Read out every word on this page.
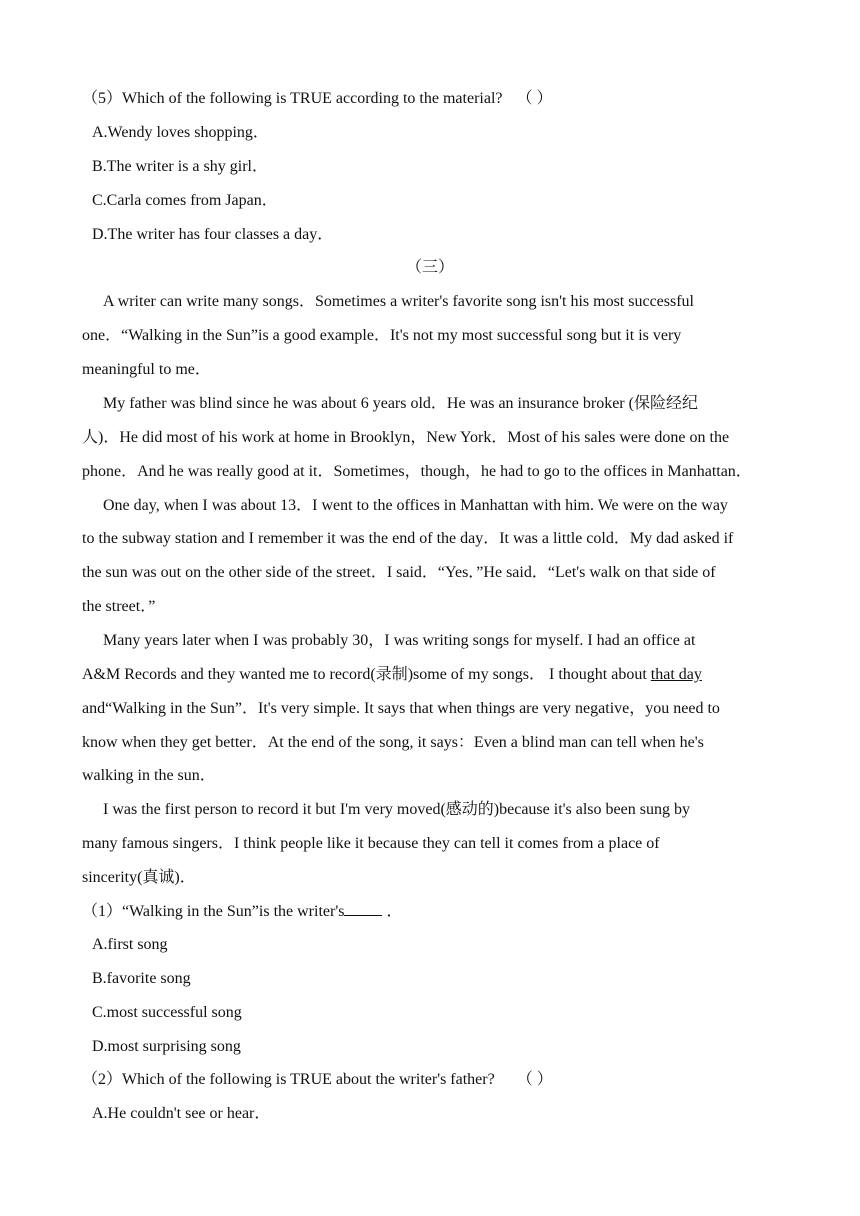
（5）Which of the following is TRUE according to the material? （ ）
A.Wendy loves shopping．
B.The writer is a shy girl．
C.Carla comes from Japan．
D.The writer has four classes a day．
（三）
A writer can write many songs．Sometimes a writer's favorite song isn't his most successful
one．“Walking in the Sun”is a good example．It's not my most successful song but it is very
meaningful to me．
My father was blind since he was about 6 years old．He was an insurance broker (保险经纪
人)．He did most of his work at home in Brooklyn，New York．Most of his sales were done on the
phone．And he was really good at it．Sometimes，though，he had to go to the offices in Manhattan．
One day, when I was about 13．I went to the offices in Manhattan with him. We were on the way
to the subway station and I remember it was the end of the day．It was a little cold．My dad asked if
the sun was out on the other side of the street．I said．“Yes．”He said．“Let's walk on that side of
the street．”
Many years later when I was probably 30，I was writing songs for myself. I had an office at
A&M Records and they wanted me to record(录制)some of my songs． I thought about that day
and“Walking in the Sun”．It's very simple. It says that when things are very negative，you need to
know when they get better．At the end of the song, it says：Even a blind man can tell when he's
walking in the sun．
I was the first person to record it but I'm very moved(感动的)because it's also been sung by
many famous singers．I think people like it because they can tell it comes from a place of
sincerity(真诚)．
（1）“Walking in the Sun”is the writer's ．
A.first song
B.favorite song
C.most successful song
D.most surprising song
（2）Which of the following is TRUE about the writer's father? （ ）
A.He couldn't see or hear．
